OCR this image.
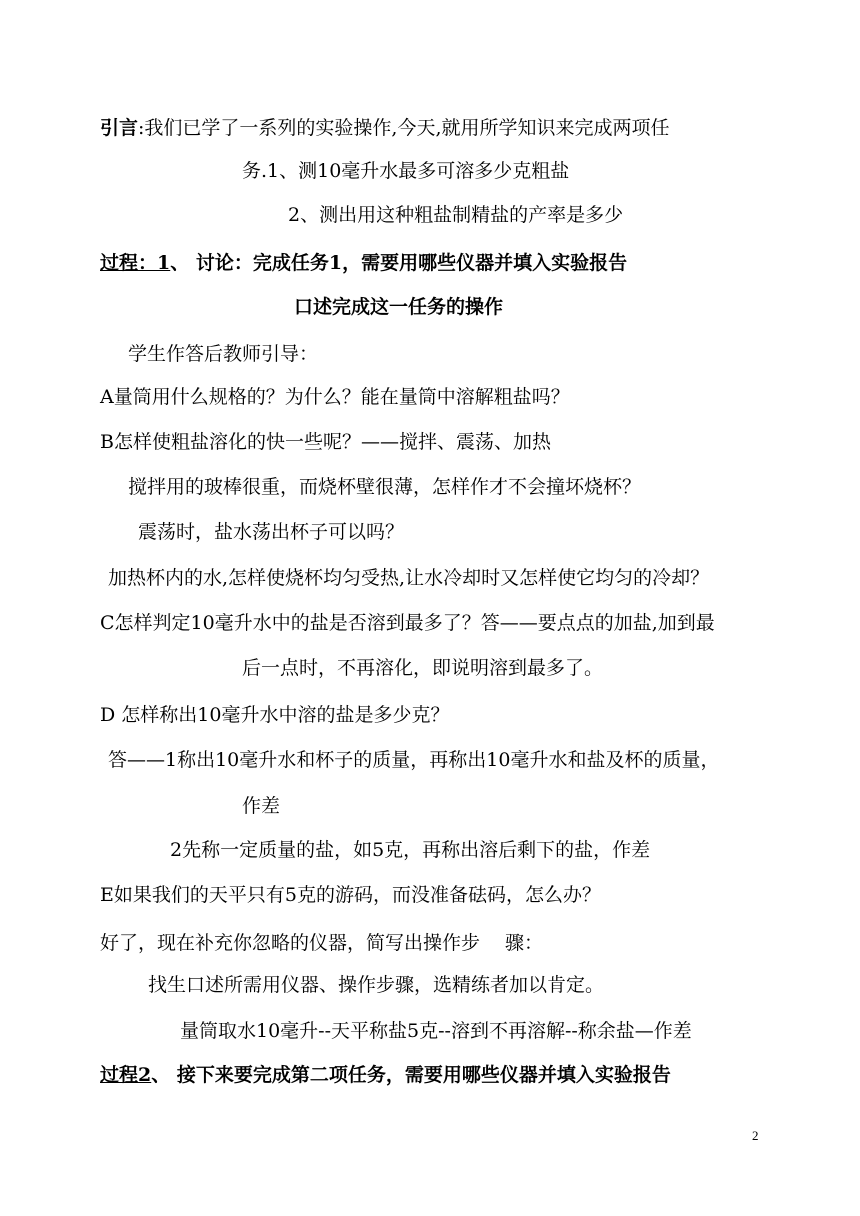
引言:我们已学了一系列的实验操作,今天,就用所学知识来完成两项任

务.1、测10毫升水最多可溶多少克粗盐

2、测出用这种粗盐制精盐的产率是多少

过程：1、 讨论：完成任务1，需要用哪些仪器并填入实验报告

口述完成这一任务的操作

学生作答后教师引导：

A量筒用什么规格的？为什么？能在量筒中溶解粗盐吗？

B怎样使粗盐溶化的快一些呢？——搅拌、震荡、加热

搅拌用的玻棒很重，而烧杯壁很薄，怎样作才不会撞坏烧杯？

震荡时，盐水荡出杯子可以吗？

加热杯内的水,怎样使烧杯均匀受热,让水冷却时又怎样使它均匀的冷却？

C怎样判定10毫升水中的盐是否溶到最多了？答——要点点的加盐,加到最

后一点时，不再溶化，即说明溶到最多了。

D 怎样称出10毫升水中溶的盐是多少克？

答——1称出10毫升水和杯子的质量，再称出10毫升水和盐及杯的质量，

作差

2先称一定质量的盐，如5克，再称出溶后剩下的盐，作差

E如果我们的天平只有5克的游码，而没准备砝码，怎么办？

好了，现在补充你忽略的仪器，简写出操作步　 骤：

找生口述所需用仪器、操作步骤，选精练者加以肯定。

量筒取水10毫升--天平称盐5克--溶到不再溶解--称余盐—作差

过程2、 接下来要完成第二项任务，需要用哪些仪器并填入实验报告

2
